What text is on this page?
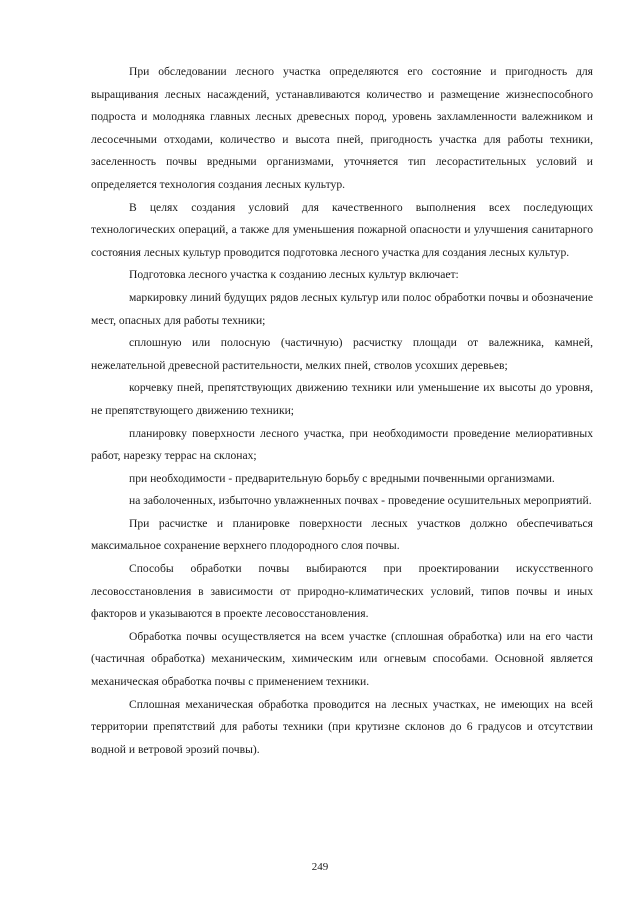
При обследовании лесного участка определяются его состояние и пригодность для выращивания лесных насаждений, устанавливаются количество и размещение жизнеспособного подроста и молодняка главных лесных древесных пород, уровень захламленности валежником и лесосечными отходами, количество и высота пней, пригодность участка для работы техники, заселенность почвы вредными организмами, уточняется тип лесорастительных условий и определяется технология создания лесных культур.

В целях создания условий для качественного выполнения всех последующих технологических операций, а также для уменьшения пожарной опасности и улучшения санитарного состояния лесных культур проводится подготовка лесного участка для создания лесных культур.

Подготовка лесного участка к созданию лесных культур включает:

маркировку линий будущих рядов лесных культур или полос обработки почвы и обозначение мест, опасных для работы техники;

сплошную или полосную (частичную) расчистку площади от валежника, камней, нежелательной древесной растительности, мелких пней, стволов усохших деревьев;

корчевку пней, препятствующих движению техники или уменьшение их высоты до уровня, не препятствующего движению техники;

планировку поверхности лесного участка, при необходимости проведение мелиоративных работ, нарезку террас на склонах;

при необходимости - предварительную борьбу с вредными почвенными организмами.

на заболоченных, избыточно увлажненных почвах - проведение осушительных мероприятий.

При расчистке и планировке поверхности лесных участков должно обеспечиваться максимальное сохранение верхнего плодородного слоя почвы.

Способы обработки почвы выбираются при проектировании искусственного лесовосстановления в зависимости от природно-климатических условий, типов почвы и иных факторов и указываются в проекте лесовосстановления.

Обработка почвы осуществляется на всем участке (сплошная обработка) или на его части (частичная обработка) механическим, химическим или огневым способами. Основной является механическая обработка почвы с применением техники.

Сплошная механическая обработка проводится на лесных участках, не имеющих на всей территории препятствий для работы техники (при крутизне склонов до 6 градусов и отсутствии водной и ветровой эрозий почвы).

249
